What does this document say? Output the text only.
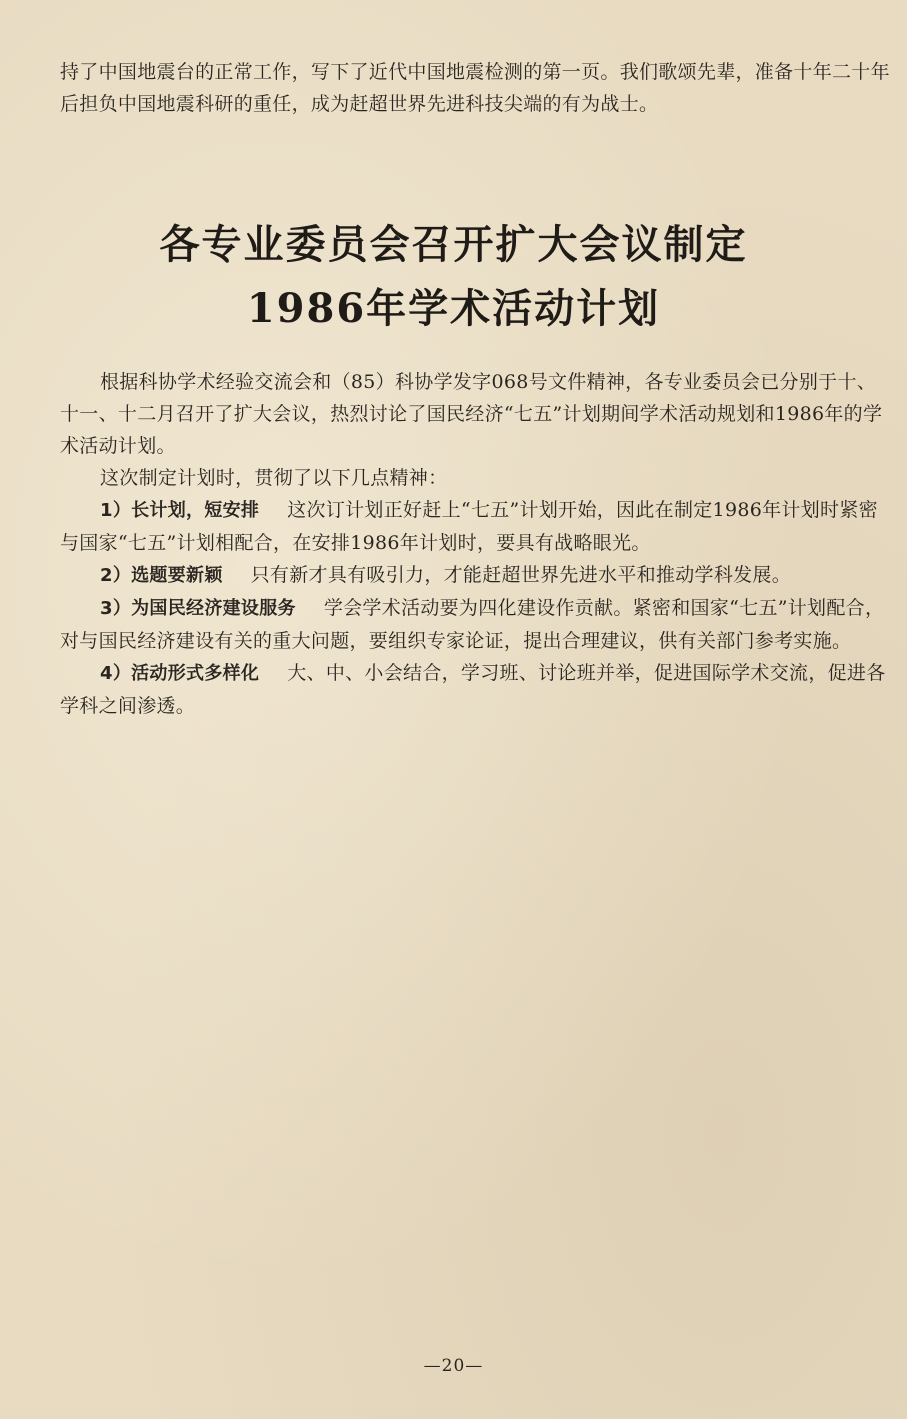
持了中国地震台的正常工作，写下了近代中国地震检测的第一页。我们歌颂先辈，准备十年二十年后担负中国地震科研的重任，成为赶超世界先进科技尖端的有为战士。

各专业委员会召开扩大会议制定
1986年学术活动计划

根据科协学术经验交流会和（85）科协学发字068号文件精神，各专业委员会已分别于十、十一、十二月召开了扩大会议，热烈讨论了国民经济“七五”计划期间学术活动规划和1986年的学术活动计划。

这次制定计划时，贯彻了以下几点精神：

1）长计划，短安排 这次订计划正好赶上“七五”计划开始，因此在制定1986年计划时紧密与国家“七五”计划相配合，在安排1986年计划时，要具有战略眼光。

2）选题要新颖 只有新才具有吸引力，才能赶超世界先进水平和推动学科发展。

3）为国民经济建设服务 学会学术活动要为四化建设作贡献。紧密和国家“七五”计划配合，对与国民经济建设有关的重大问题，要组织专家论证，提出合理建议，供有关部门参考实施。

4）活动形式多样化 大、中、小会结合，学习班、讨论班并举，促进国际学术交流，促进各学科之间渗透。

—20—
